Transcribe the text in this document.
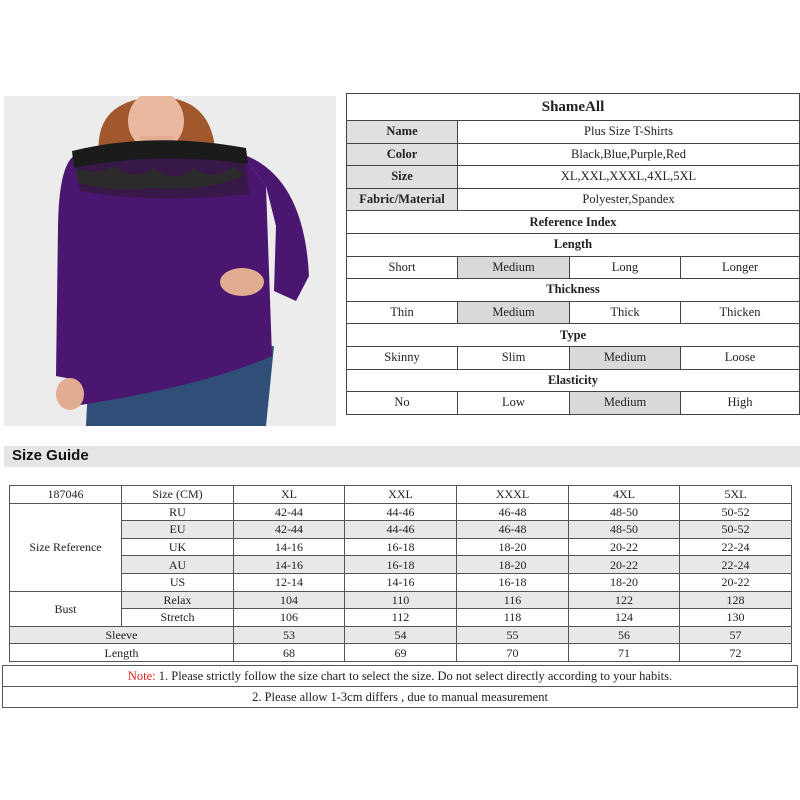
ShameAll			
Name	Plus Size T-Shirts		
Color	Black,Blue,Purple,Red		
Size	XL,XXL,XXXL,4XL,5XL		
Fabric/Material	Polyester,Spandex		
Reference Index			
Length			
Short	Medium	Long	Longer
Thickness			
Thin	Medium	Thick	Thicken
Type			
Skinny	Slim	Medium	Loose
Elasticity			
No	Low	Medium	High
Size Guide
187046	Size (CM)	XL	XXL	XXXL	4XL	5XL
Size Reference	RU	42-44	44-46	46-48	48-50	50-52
	EU	42-44	44-46	46-48	48-50	50-52
	UK	14-16	16-18	18-20	20-22	22-24
	AU	14-16	16-18	18-20	20-22	22-24
	US	12-14	14-16	16-18	18-20	20-22
Bust	Relax	104	110	116	122	128
	Stretch	106	112	118	124	130
Sleeve		53	54	55	56	57
Length		68	69	70	71	72
Note: 1. Please strictly follow the size chart to select the size. Do not select directly according to your habits.
2. Please allow 1-3cm differs , due to manual measurement
